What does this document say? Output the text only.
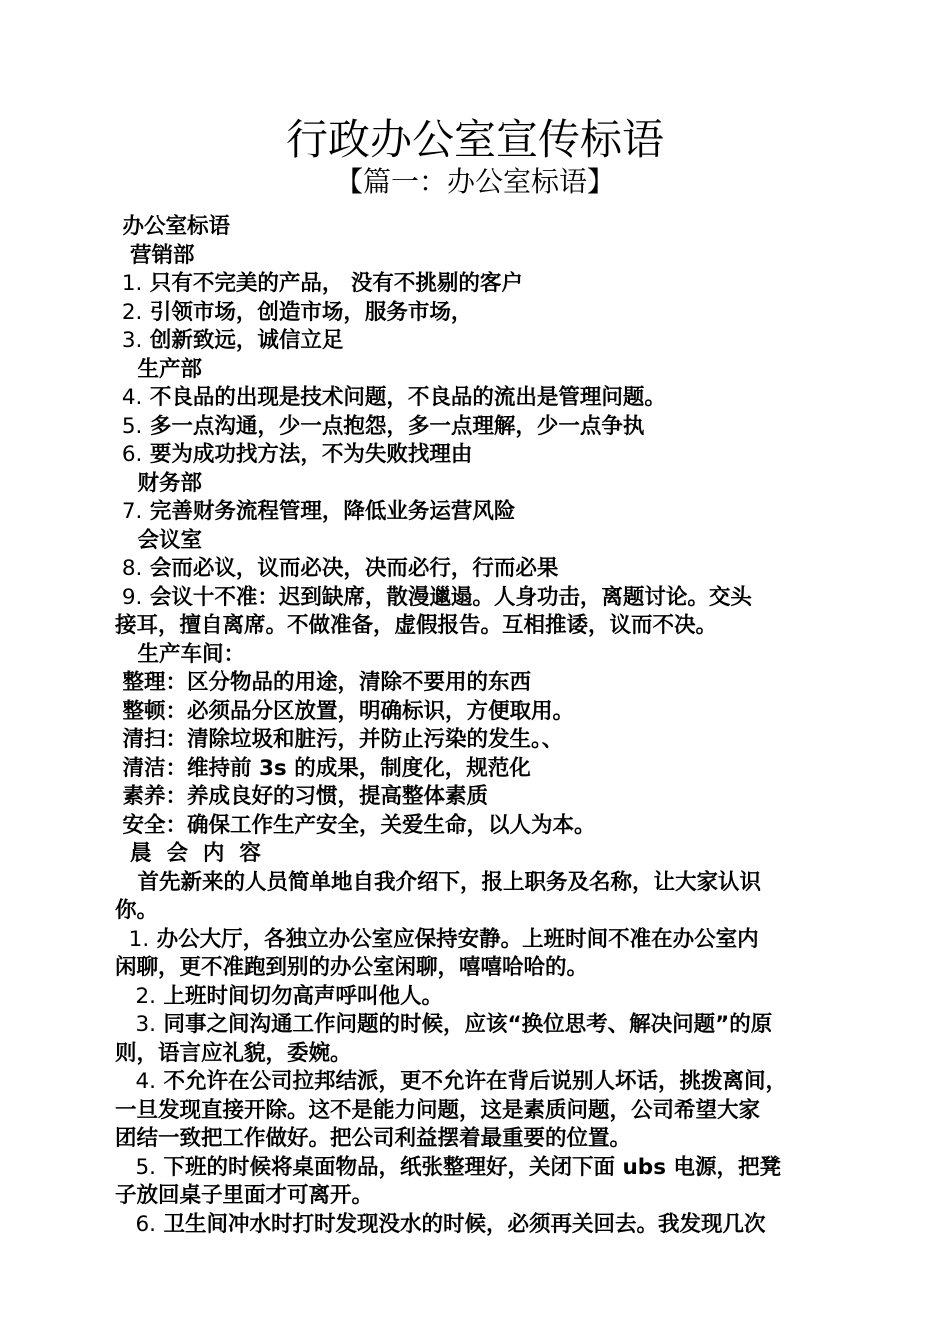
行政办公室宣传标语
【篇一：办公室标语】
办公室标语
营销部
1. 只有不完美的产品， 没有不挑剔的客户
2. 引领市场，创造市场，服务市场，
3. 创新致远，诚信立足
生产部
4. 不良品的出现是技术问题，不良品的流出是管理问题。
5. 多一点沟通，少一点抱怨，多一点理解，少一点争执
6. 要为成功找方法，不为失败找理由
财务部
7. 完善财务流程管理，降低业务运营风险
会议室
8. 会而必议，议而必决，决而必行，行而必果
9. 会议十不准：迟到缺席，散漫邋遢。人身功击，离题讨论。交头
接耳，擅自离席。不做准备，虚假报告。互相推诿，议而不决。
生产车间：
整理：区分物品的用途，清除不要用的东西
整顿：必须品分区放置，明确标识，方便取用。
清扫：清除垃圾和脏污，并防止污染的发生。、
清洁：维持前 3s 的成果，制度化，规范化
素养：养成良好的习惯，提高整体素质
安全：确保工作生产安全，关爱生命，以人为本。
晨  会  内  容
首先新来的人员简单地自我介绍下，报上职务及名称，让大家认识
你。
1. 办公大厅，各独立办公室应保持安静。上班时间不准在办公室内
闲聊，更不准跑到别的办公室闲聊，嘻嘻哈哈的。
2. 上班时间切勿高声呼叫他人。
3. 同事之间沟通工作问题的时候，应该“换位思考、解决问题”的原
则，语言应礼貌，委婉。
4. 不允许在公司拉邦结派，更不允许在背后说别人坏话，挑拨离间，
一旦发现直接开除。这不是能力问题，这是素质问题，公司希望大家
团结一致把工作做好。把公司利益摆着最重要的位置。
5. 下班的时候将桌面物品，纸张整理好，关闭下面 ubs 电源，把凳
子放回桌子里面才可离开。
6. 卫生间冲水时打时发现没水的时候，必须再关回去。我发现几次
